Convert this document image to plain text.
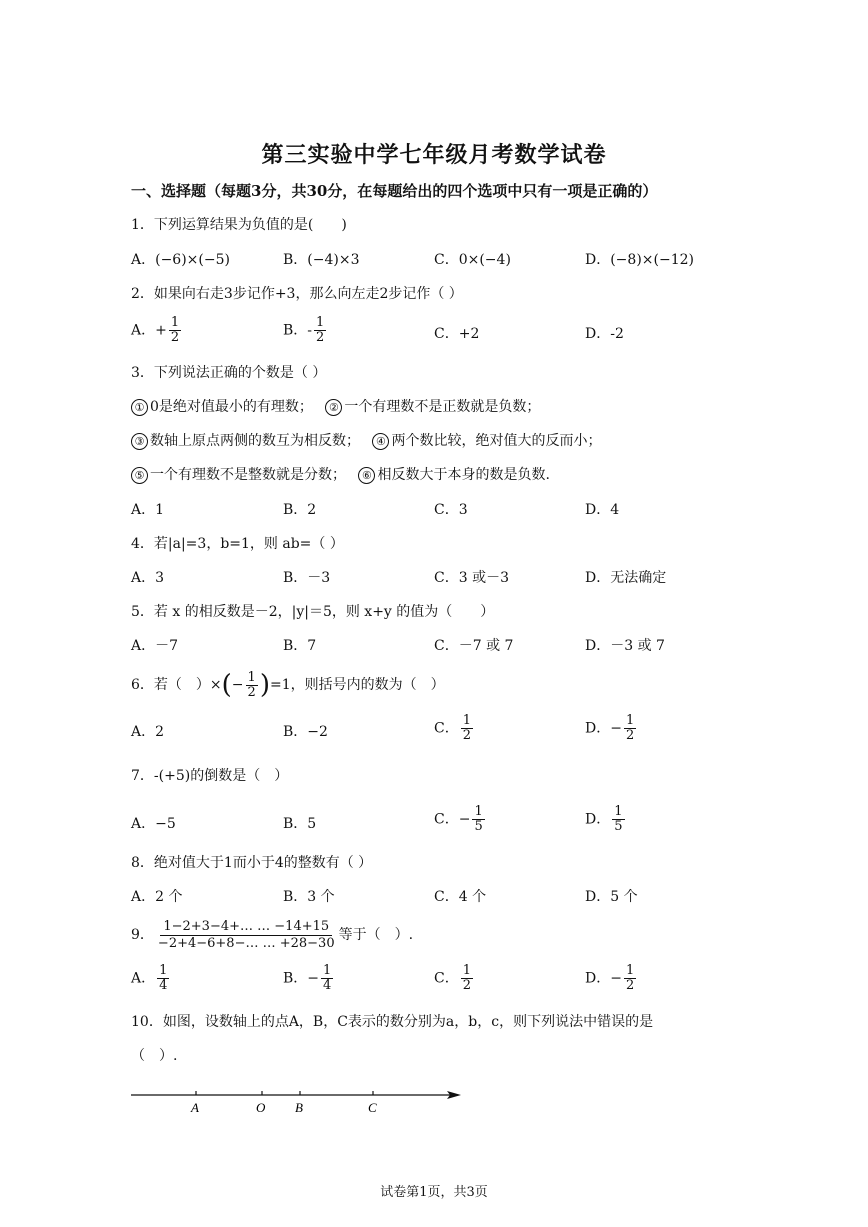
第三实验中学七年级月考数学试卷
一、选择题（每题3分，共30分，在每题给出的四个选项中只有一项是正确的）
1．下列运算结果为负值的是(　　)
A．(−6)×(−5)	B．(−4)×3	C．0×(−4)	D．(−8)×(−12)
2．如果向右走3步记作+3，那么向左走2步记作（ ）
A．+ $\frac{1}{2}$	B．- $\frac{1}{2}$	C．+2	D．-2
3．下列说法正确的个数是（ ）
① 0是绝对值最小的有理数； ② 一个有理数不是正数就是负数；
③ 数轴上原点两侧的数互为相反数； ④ 两个数比较，绝对值大的反而小；
⑤ 一个有理数不是整数就是分数； ⑥ 相反数大于本身的数是负数.
A．1	B．2	C．3	D．4
4．若|a|=3，b=1，则 ab=（ ）
A．3	B．－3	C．3 或－3	D．无法确定
5．若 x 的相反数是－2，|y|＝5，则 x+y 的值为（　　）
A．－7	B．7	C．－7 或 7	D．－3 或 7
6．若（　）×(− $\frac{1}{2} )=1$，则括号内的数为（　）
A．2	B．−2	C． $\frac{1}{2}$	D．− $\frac{1}{2}$
7．-(+5)的倒数是（　）
A．−5	B．5	C．− $\frac{1}{5}$	D． $\frac{1}{5}$
8．绝对值大于1而小于4的整数有（ ）
A．2 个	B．3 个	C．4 个	D．5 个
9． $\frac{1-2+3-4+\dots \dots -14+15}{-2+4-6+8-\dots \dots +28-30}$ 等于（　）.
A． $\frac{1}{4}$	B．− $\frac{1}{4}$	C． $\frac{1}{2}$	D．− $\frac{1}{2}$
10．如图，设数轴上的点A，B，C表示的数分别为a，b，c，则下列说法中错误的是
（　）.
A	O B	C
试卷第1页，共3页
